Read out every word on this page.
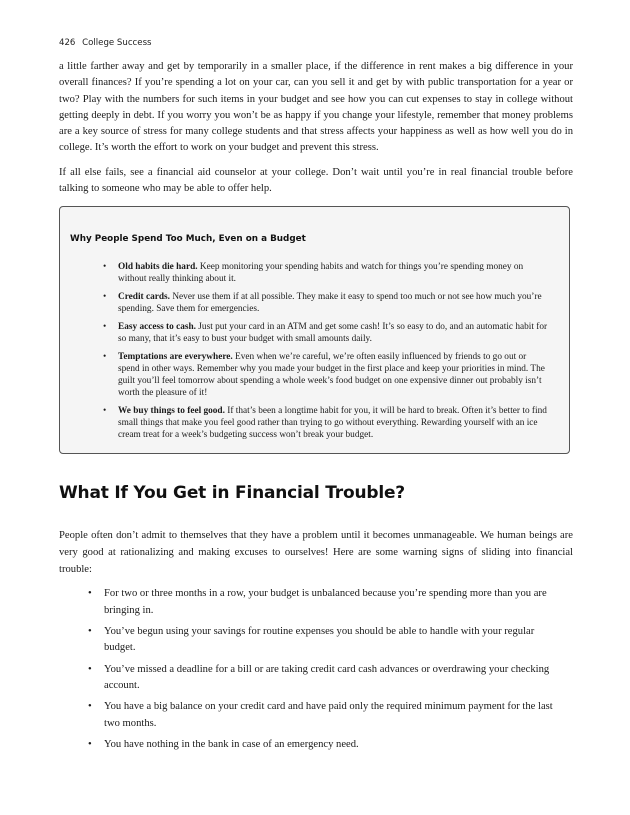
426 College Success

a little farther away and get by temporarily in a smaller place, if the difference in rent makes a big difference in your overall finances? If you’re spending a lot on your car, can you sell it and get by with public transportation for a year or two? Play with the numbers for such items in your budget and see how you can cut expenses to stay in college without getting deeply in debt. If you worry you won’t be as happy if you change your lifestyle, remember that money problems are a key source of stress for many college students and that stress affects your happiness as well as how well you do in college. It’s worth the effort to work on your budget and prevent this stress.

If all else fails, see a financial aid counselor at your college. Don’t wait until you’re in real financial trouble before talking to someone who may be able to offer help.

Why People Spend Too Much, Even on a Budget
• Old habits die hard. Keep monitoring your spending habits and watch for things you’re spending money on without really thinking about it.
• Credit cards. Never use them if at all possible. They make it easy to spend too much or not see how much you’re spending. Save them for emergencies.
• Easy access to cash. Just put your card in an ATM and get some cash! It’s so easy to do, and an automatic habit for so many, that it’s easy to bust your budget with small amounts daily.
• Temptations are everywhere. Even when we’re careful, we’re often easily influenced by friends to go out or spend in other ways. Remember why you made your budget in the first place and keep your priorities in mind. The guilt you’ll feel tomorrow about spending a whole week’s food budget on one expensive dinner out probably isn’t worth the pleasure of it!
• We buy things to feel good. If that’s been a longtime habit for you, it will be hard to break. Often it’s better to find small things that make you feel good rather than trying to go without everything. Rewarding yourself with an ice cream treat for a week’s budgeting success won’t break your budget.
What If You Get in Financial Trouble?

People often don’t admit to themselves that they have a problem until it becomes unmanageable. We human beings are very good at rationalizing and making excuses to ourselves! Here are some warning signs of sliding into financial trouble:

• For two or three months in a row, your budget is unbalanced because you’re spending more than you are bringing in.
• You’ve begun using your savings for routine expenses you should be able to handle with your regular budget.
• You’ve missed a deadline for a bill or are taking credit card cash advances or overdrawing your checking account.
• You have a big balance on your credit card and have paid only the required minimum payment for the last two months.
• You have nothing in the bank in case of an emergency need.
